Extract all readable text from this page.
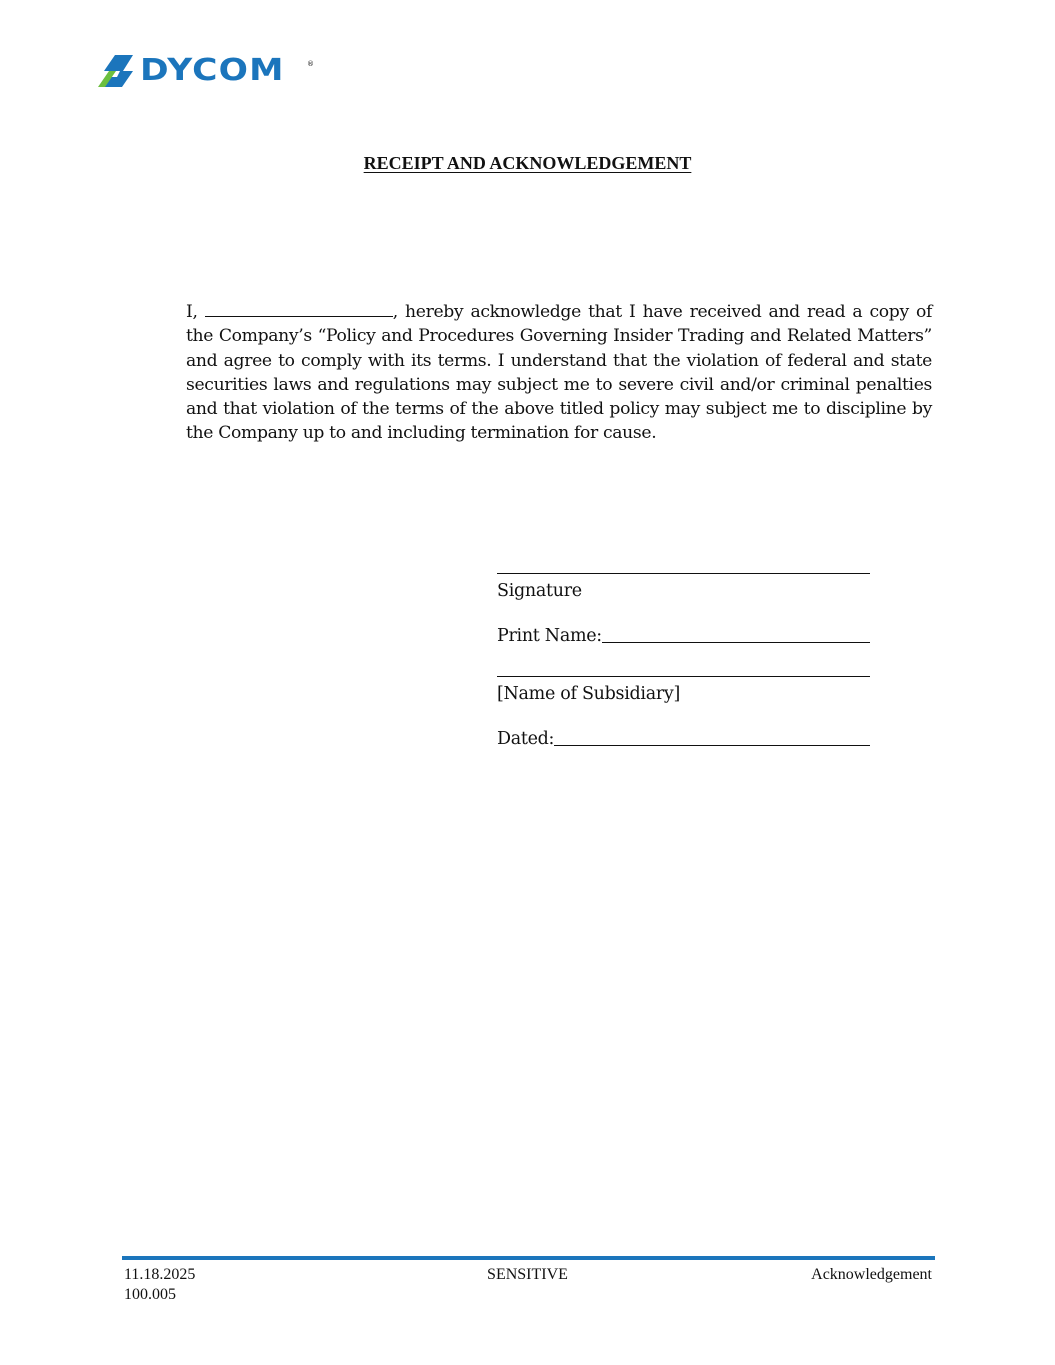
DYCOM	®
RECEIPT AND ACKNOWLEDGEMENT
I,	, hereby acknowledge that I have received and read a copy of the Company’s “Policy and Procedures Governing Insider Trading and Related Matters” and agree to comply with its terms. I understand that the violation of federal and state securities laws and regulations may subject me to severe civil and/or criminal penalties and that violation of the terms of the above titled policy may subject me to discipline by the Company up to and including termination for cause.
Signature
Print Name:
[Name of Subsidiary]
Dated:
11.18.2025
100.005
SENSITIVE	Acknowledgement
